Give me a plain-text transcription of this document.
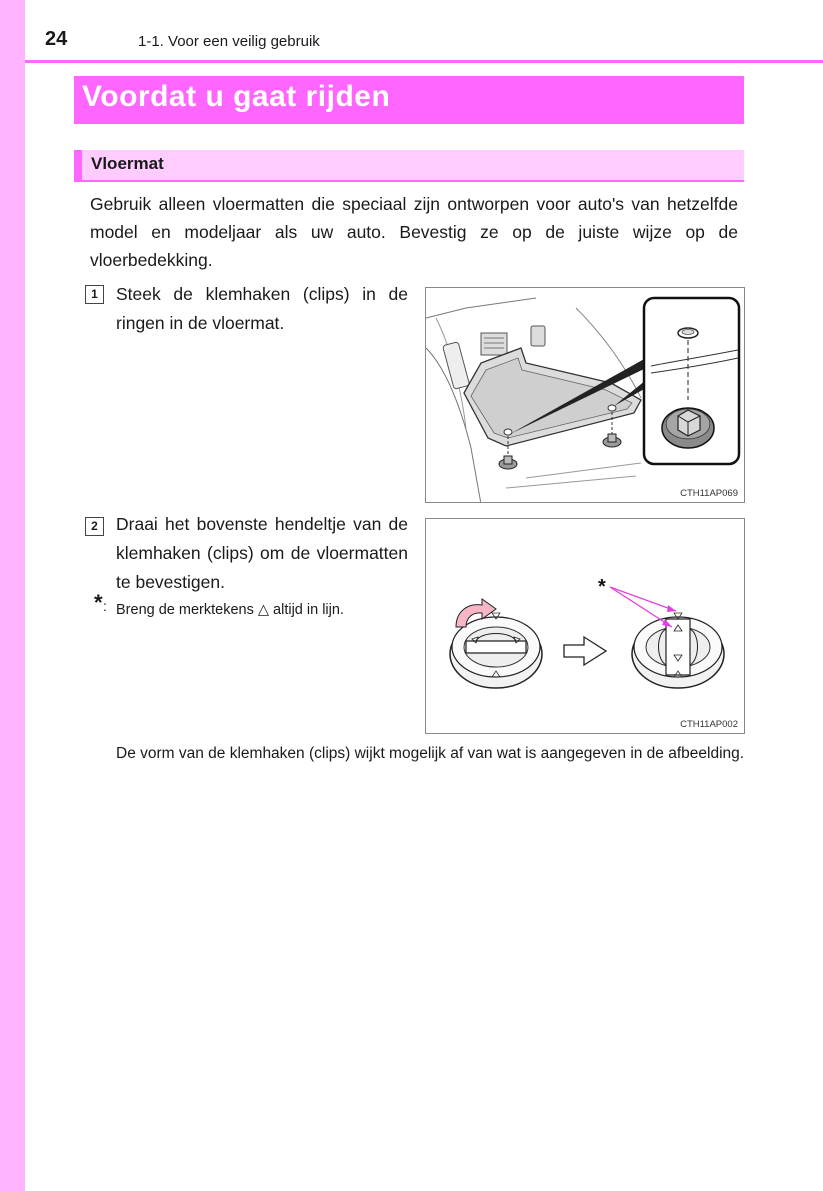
24	1-1. Voor een veilig gebruik
Voordat u gaat rijden
Vloermat

Gebruik alleen vloermatten die speciaal zijn ontworpen voor auto's van hetzelfde model en modeljaar als uw auto. Bevestig ze op de juiste wijze op de vloerbedekking.

1	Steek de klemhaken (clips) in de ringen in de vloermat.

CTH11AP069
2	Draai het bovenste hendeltje van de klemhaken (clips) om de vloermatten te bevestigen.

* : Breng de merktekens △ altijd in lijn.

*
CTH11AP002

De vorm van de klemhaken (clips) wijkt mogelijk af van wat is aangegeven in de afbeelding.
